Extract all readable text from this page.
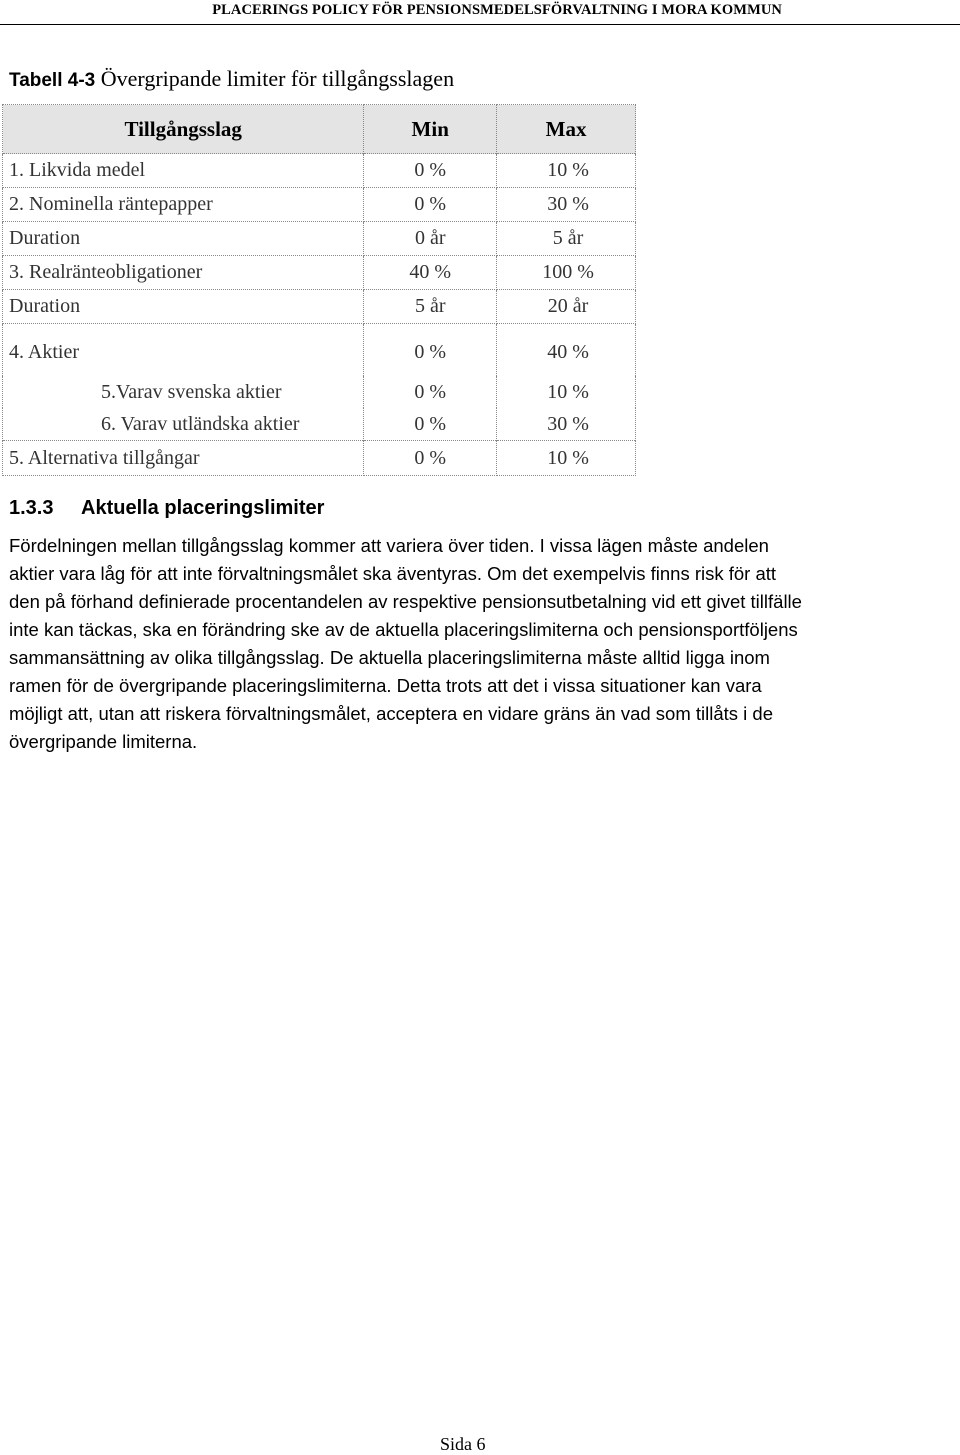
PLACERINGS POLICY FÖR PENSIONSMEDELSFÖRVALTNING I MORA KOMMUN
Tabell 4-3 Övergripande limiter för tillgångsslagen
Tillgångsslag	Min	Max
1. Likvida medel	0 %	10 %
2. Nominella räntepapper	0 %	30 %
Duration	0 år	5 år
3. Realränteobligationer	40 %	100 %
Duration	5 år	20 år
4. Aktier	0 %	40 %
5.Varav svenska aktier	0 %	10 %
6. Varav utländska aktier	0 %	30 %
5. Alternativa tillgångar	0 %	10 %
1.3.3 Aktuella placeringslimiter

Fördelningen mellan tillgångsslag kommer att variera över tiden. I vissa lägen måste andelen
aktier vara låg för att inte förvaltningsmålet ska äventyras. Om det exempelvis finns risk för att
den på förhand definierade procentandelen av respektive pensionsutbetalning vid ett givet tillfälle
inte kan täckas, ska en förändring ske av de aktuella placeringslimiterna och pensionsportföljens
sammansättning av olika tillgångsslag. De aktuella placeringslimiterna måste alltid ligga inom
ramen för de övergripande placeringslimiterna. Detta trots att det i vissa situationer kan vara
möjligt att, utan att riskera förvaltningsmålet, acceptera en vidare gräns än vad som tillåts i de
övergripande limiterna.

Sida 6
